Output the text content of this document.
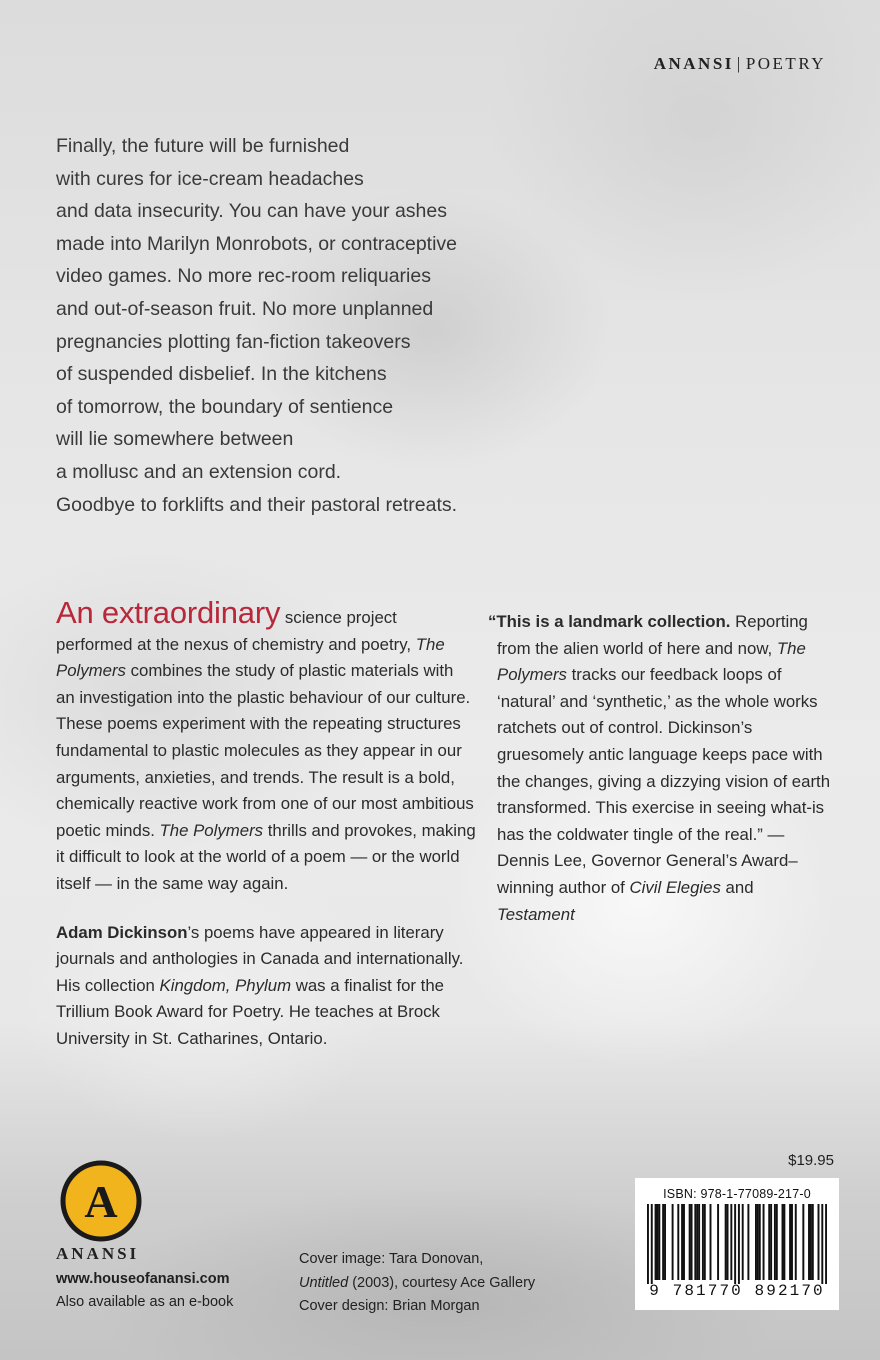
ANANSI | POETRY
Finally, the future will be furnished
with cures for ice-cream headaches
and data insecurity. You can have your ashes
made into Marilyn Monrobots, or contraceptive
video games. No more rec-room reliquaries
and out-of-season fruit. No more unplanned
pregnancies plotting fan-fiction takeovers
of suspended disbelief. In the kitchens
of tomorrow, the boundary of sentience
will lie somewhere between
a mollusc and an extension cord.
Goodbye to forklifts and their pastoral retreats.
An extraordinary science project performed at the nexus of chemistry and poetry, The Polymers combines the study of plastic materials with an investigation into the plastic behaviour of our culture. These poems experiment with the repeating structures fundamental to plastic molecules as they appear in our arguments, anxieties, and trends. The result is a bold, chemically reactive work from one of our most ambitious poetic minds. The Polymers thrills and provokes, making it difficult to look at the world of a poem — or the world itself — in the same way again.
Adam Dickinson’s poems have appeared in literary journals and anthologies in Canada and internationally. His collection Kingdom, Phylum was a finalist for the Trillium Book Award for Poetry. He teaches at Brock University in St. Catharines, Ontario.
“This is a landmark collection. Reporting from the alien world of here and now, The Polymers tracks our feedback loops of ‘natural’ and ‘synthetic,’ as the whole works ratchets out of control. Dickinson’s gruesomely antic language keeps pace with the changes, giving a dizzying vision of earth transformed. This exercise in seeing what-is has the coldwater tingle of the real.” — Dennis Lee, Governor General’s Award–winning author of Civil Elegies and Testament
A
ANANSI
www.houseofanansi.com
Also available as an e-book
Cover image: Tara Donovan,
Untitled (2003), courtesy Ace Gallery
Cover design: Brian Morgan
$19.95
ISBN: 978-1-77089-217-0
9 781770 892170
